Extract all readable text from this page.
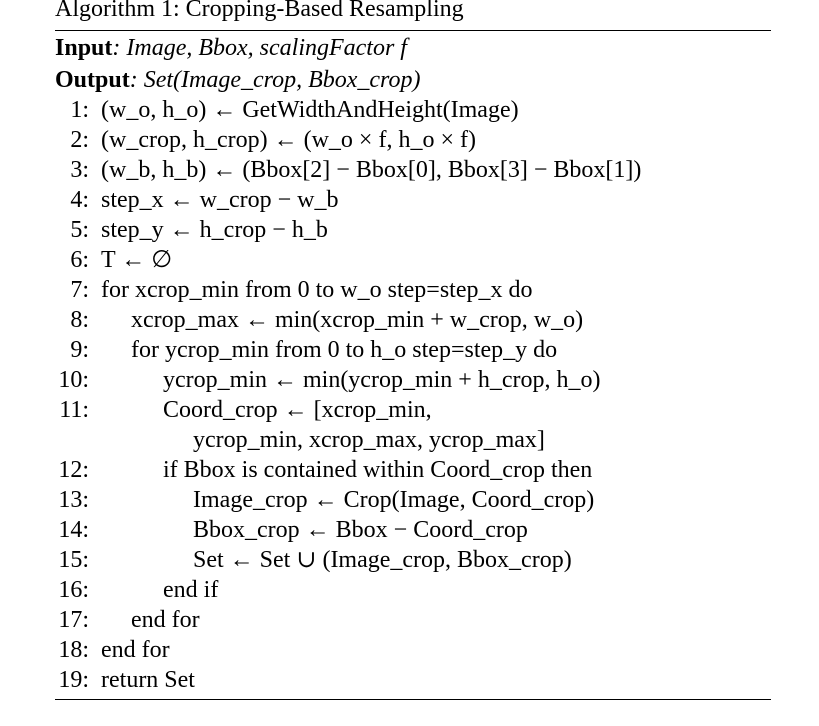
Algorithm 1: Cropping-Based Resampling
Input: Image, Bbox, scalingFactor f
Output: Set(Image_crop, Bbox_crop)
1: (w_o, h_o) ← GetWidthAndHeight(Image)
2: (w_crop, h_crop) ← (w_o × f, h_o × f)
3: (w_b, h_b) ← (Bbox[2] − Bbox[0], Bbox[3] − Bbox[1])
4: step_x ← w_crop − w_b
5: step_y ← h_crop − h_b
6: T ← ∅
7: for xcrop_min from 0 to w_o step=step_x do
8: xcrop_max ← min(xcrop_min + w_crop, w_o)
9: for ycrop_min from 0 to h_o step=step_y do
10:	ycrop_min ← min(ycrop_min + h_crop, h_o)
11:	Coord_crop ← [xcrop_min,
ycrop_min, xcrop_max, ycrop_max]
12:	if Bbox is contained within Coord_crop then
13:	Image_crop ← Crop(Image, Coord_crop)
14:	Bbox_crop ← Bbox − Coord_crop
15:	Set ← Set ∪ (Image_crop, Bbox_crop)
16:	end if
17: end for
18: end for
19: return Set
